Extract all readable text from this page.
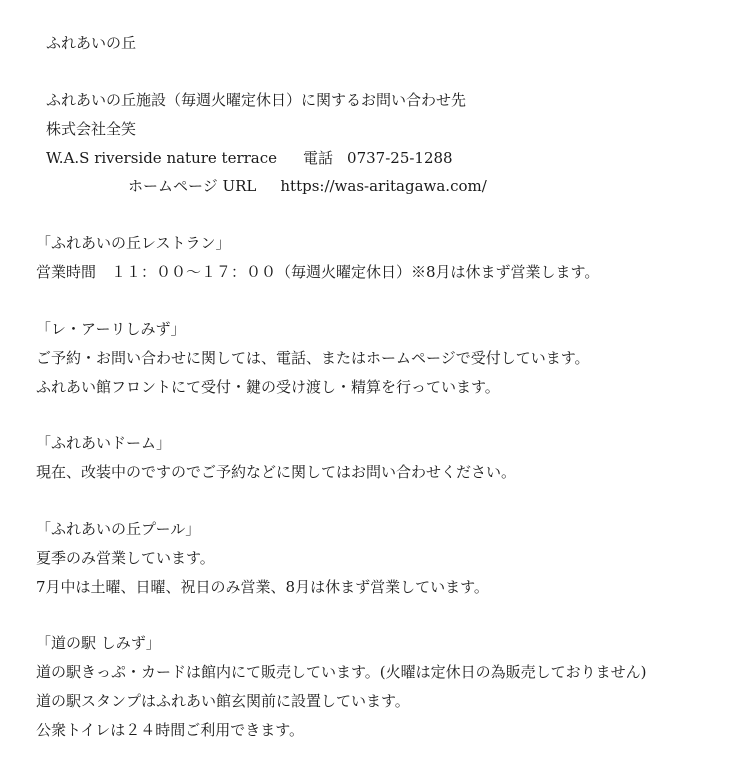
ふれあいの丘
ふれあいの丘施設（毎週火曜定休日）に関するお問い合わせ先
株式会社全笑
W.A.S riverside nature terrace 電話 0737-25-1288
ホームページ URL https://was-aritagawa.com/
「ふれあいの丘レストラン」
営業時間　１１：００～１７：００（毎週火曜定休日）※8月は休まず営業します。
「レ・アーリしみず」
ご予約・お問い合わせに関しては、電話、またはホームページで受付しています。
ふれあい館フロントにて受付・鍵の受け渡し・精算を行っています。
「ふれあいドーム」
現在、改装中のですのでご予約などに関してはお問い合わせください。
「ふれあいの丘プール」
夏季のみ営業しています。
7月中は土曜、日曜、祝日のみ営業、8月は休まず営業しています。
「道の駅 しみず」
道の駅きっぷ・カードは館内にて販売しています。(火曜は定休日の為販売しておりません)
道の駅スタンプはふれあい館玄関前に設置しています。
公衆トイレは２４時間ご利用できます。
